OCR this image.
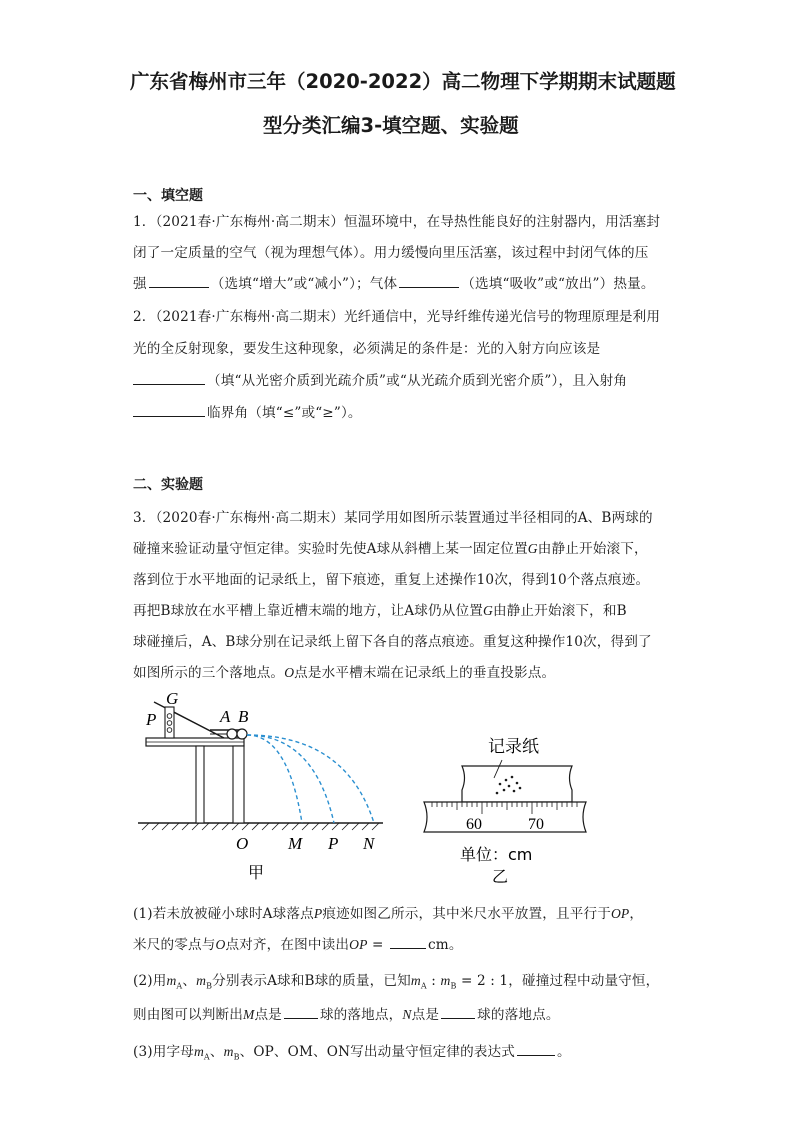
广东省梅州市三年（2020-2022）高二物理下学期期末试题题
型分类汇编3-填空题、实验题
一、填空题
1．（2021春·广东梅州·高二期末）恒温环境中，在导热性能良好的注射器内，用活塞封
闭了一定质量的空气（视为理想气体）。用力缓慢向里压活塞，该过程中封闭气体的压
强	（选填“增大”或“减小”）；气体	（选填“吸收”或“放出”）热量。
2．（2021春·广东梅州·高二期末）光纤通信中，光导纤维传递光信号的物理原理是利用
光的全反射现象，要发生这种现象，必须满足的条件是：光的入射方向应该是
（填“从光密介质到光疏介质”或“从光疏介质到光密介质”），且入射角
临界角（填“≤”或“≥”）。
二、实验题
3．（2020春·广东梅州·高二期末）某同学用如图所示装置通过半径相同的A、B两球的
碰撞来验证动量守恒定律。实验时先使A球从斜槽上某一固定位置G由静止开始滚下，
落到位于水平地面的记录纸上，留下痕迹，重复上述操作10次，得到10个落点痕迹。
再把B球放在水平槽上靠近槽末端的地方，让A球仍从位置G由静止开始滚下，和B
球碰撞后，A、B球分别在记录纸上留下各自的落点痕迹。重复这种操作10次，得到了
如图所示的三个落地点。O点是水平槽末端在记录纸上的垂直投影点。
P
G
A B
O M P N
甲
记录纸
60	70
单位：cm
乙
(1)若未放被碰小球时A球落点P痕迹如图乙所示，其中米尺水平放置，且平行于OP，
米尺的零点与O点对齐，在图中读出OP =	cm。
(2)用$m_A$、$m_B$分别表示A球和B球的质量，已知$m_A$ : $m_B = 2$ : 1，碰撞过程中动量守恒，
则由图可以判断出M点是	球的落地点，N点是	球的落地点。
(3)用字母$m_A$、$m_B$、OP、OM、ON写出动量守恒定律的表达式	。
